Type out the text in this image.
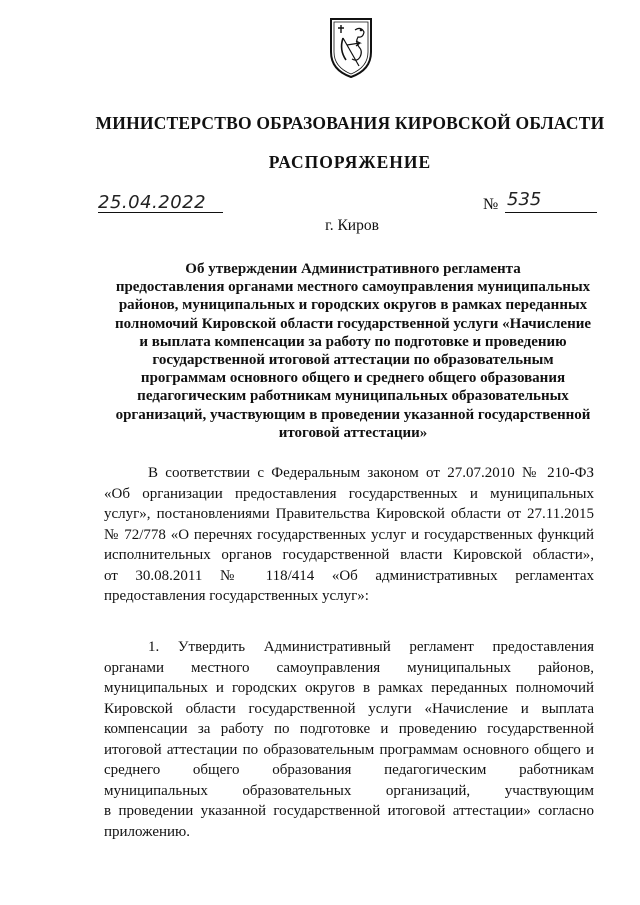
МИНИСТЕРСТВО ОБРАЗОВАНИЯ КИРОВСКОЙ ОБЛАСТИ
РАСПОРЯЖЕНИЕ
25.04.2022	№ 535
г. Киров
Об утверждении Административного регламента
предоставления органами местного самоуправления муниципальных
районов, муниципальных и городских округов в рамках переданных
полномочий Кировской области государственной услуги «Начисление
и выплата компенсации за работу по подготовке и проведению
государственной итоговой аттестации по образовательным
программам основного общего и среднего общего образования
педагогическим работникам муниципальных образовательных
организаций, участвующим в проведении указанной государственной
итоговой аттестации»
В соответствии с Федеральным законом от 27.07.2010 № 210-ФЗ
«Об организации предоставления государственных и муниципальных
услуг», постановлениями Правительства Кировской области от 27.11.2015
№ 72/778 «О перечнях государственных услуг и государственных функций
исполнительных органов государственной власти Кировской области»,
от 30.08.2011 № 118/414 «Об административных регламентах
предоставления государственных услуг»:
1. Утвердить Административный регламент предоставления
органами местного самоуправления муниципальных районов,
муниципальных и городских округов в рамках переданных полномочий
Кировской области государственной услуги «Начисление и выплата
компенсации за работу по подготовке и проведению государственной
итоговой аттестации по образовательным программам основного общего и
среднего общего образования педагогическим работникам
муниципальных образовательных организаций, участвующим
в проведении указанной государственной итоговой аттестации» согласно
приложению.
